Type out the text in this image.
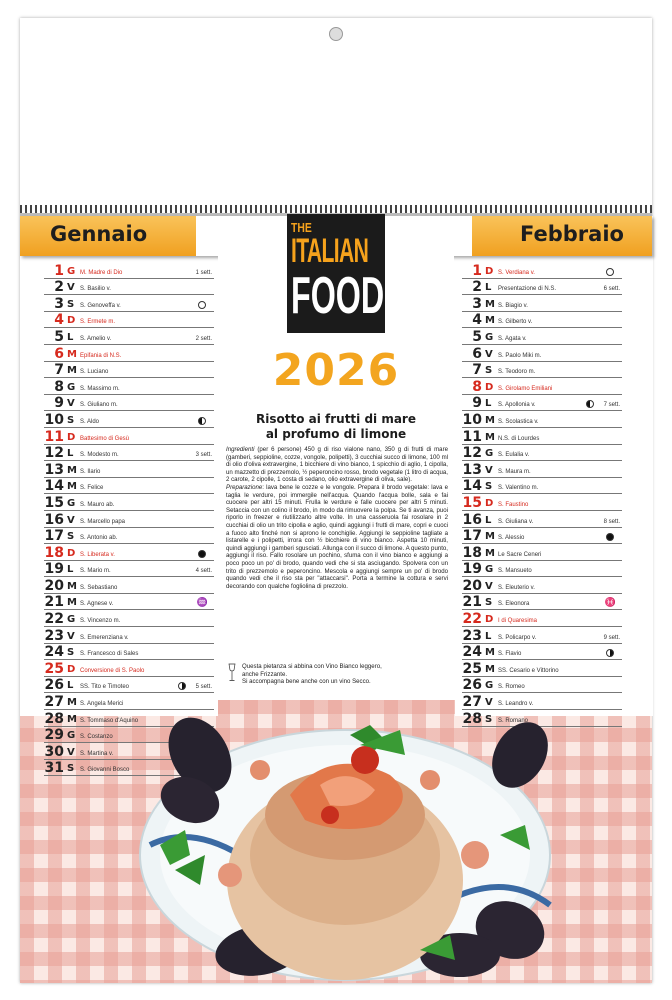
Gennaio	Febbraio
1 G M. Madre di Dio	1 sett.
2 V S. Basilio v.
3 S S. Genoveffa v.
4 D S. Ermete m.
5 L S. Amelio v.	2 sett.
6 M Epifania di N.S.
7 M S. Luciano
8 G S. Massimo m.
9 V S. Giuliano m.
10 S S. Aldo
11 D Battesimo di Gesù
12 L S. Modesto m.	3 sett.
13 M S. Ilario
14 M S. Felice
15 G S. Mauro ab.
16 V S. Marcello papa
17 S S. Antonio ab.
18 D S. Liberata v.
19 L S. Mario m.	4 sett.
20 M S. Sebastiano
21 M S. Agnese v.	♒
22 G S. Vincenzo m.
23 V S. Emerenziana v.
24 S S. Francesco di Sales
25 D Conversione di S. Paolo
26 L SS. Tito e Timoteo	5 sett.
27 M S. Angela Merici
28 M S. Tommaso d'Aquino
29 G S. Costanzo
30 V S. Martina v.
31 S S. Giovanni Bosco
1 D S. Verdiana v.
2 L Presentazione di N.S.	6 sett.
3 M S. Biagio v.
4 M S. Gilberto v.
5 G S. Agata v.
6 V S. Paolo Miki m.
7 S S. Teodoro m.
8 D S. Girolamo Emiliani
9 L S. Apollonia v.	7 sett.
10 M S. Scolastica v.
11 M N.S. di Lourdes
12 G S. Eulalia v.
13 V S. Maura m.
14 S S. Valentino m.
15 D S. Faustino
16 L S. Giuliana v.	8 sett.
17 M S. Alessio
18 M Le Sacre Ceneri
19 G S. Mansueto
20 V S. Eleuterio v.
21 S S. Eleonora	♓
22 D I di Quaresima
23 L S. Policarpo v.	9 sett.
24 M S. Flavio
25 M SS. Cesario e Vittorino
26 G S. Romeo
27 V S. Leandro v.
28 S S. Romano
THE
ITALIAN
FOOD
2026
Risotto ai frutti di mare
al profumo di limone

Ingredienti (per 6 persone) 450 g di riso vialone nano, 350 g di frutti di mare (gamberi, seppioline, cozze, vongole, polipetti), 3 cucchiai succo di limone, 100 ml di olio d'oliva extravergine, 1 bicchiere di vino bianco, 1 spicchio di aglio, 1 cipolla, un mazzetto di prezzemolo, ½ peperoncino rosso, brodo vegetale (1 litro di acqua, 2 carote, 2 cipolle, 1 costa di sedano, olio extravergine di oliva, sale).

Preparazione: lava bene le cozze e le vongole. Prepara il brodo vegetale: lava e taglia le verdure, poi immergile nell'acqua. Quando l'acqua bolle, sala e fai cuocere per altri 15 minuti. Frulla le verdure e falle cuocere per altri 5 minuti. Setaccia con un colino il brodo, in modo da rimuovere la polpa. Se ti avanza, puoi riporlo in freezer e riutilizzarlo altre volte. In una casseruola fai rosolare in 2 cucchiai di olio un trito cipolla e aglio, quindi aggiungi i frutti di mare, copri e cuoci a fuoco alto finché non si aprono le conchiglie. Aggiungi le seppioline tagliate a listarelle e i polipetti, irrora con ½ bicchiere di vino bianco. Aspetta 10 minuti, quindi aggiungi i gamberi sgusciati. Allunga con il succo di limone. A questo punto, aggiungi il riso. Fallo rosolare un pochino, sfuma con il vino bianco e aggiungi a poco poco un po' di brodo, quando vedi che si sta asciugando. Spolvera con un trito di prezzemolo e peperoncino. Mescola e aggiungi sempre un po' di brodo quando vedi che il riso sta per "attaccarsi". Porta a termine la cottura e servi decorando con qualche fogliolina di prezzolo.

Questa pietanza si abbina con Vino Bianco leggero,

anche Frizzante.

Si accompagna bene anche con un vino Secco.
